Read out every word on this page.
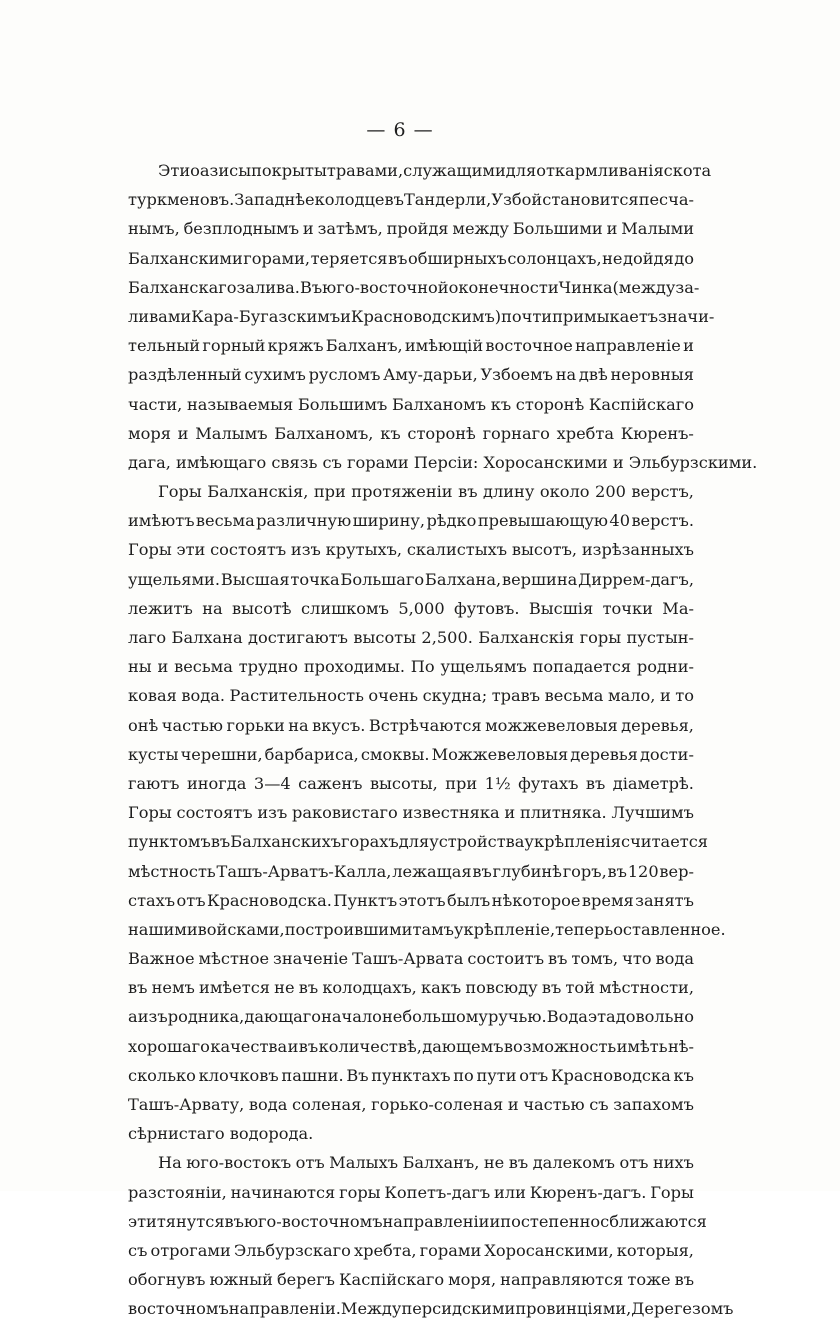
— 6 —
Эти оазисы покрыты травами, служащими для откармливанія скота
туркменовъ. Западнѣе колодцевъ Тандерли, Узбой становится песча-
нымъ, безплоднымъ и затѣмъ, пройдя между Большими и Малыми
Балханскими горами, теряется въ обширныхъ солонцахъ, не дойдя до
Балханскаго залива. Въ юго-восточной оконечности Чинка (между за-
ливами Кара-Бугазскимъ и Красноводскимъ) почти примыкаетъ значи-
тельный горный кряжъ Балханъ, имѣющій восточное направленіе и
раздѣленный сухимъ русломъ Аму-дарьи, Узбоемъ на двѣ неровныя
части, называемыя Большимъ Балханомъ къ сторонѣ Каспійскаго
моря и Малымъ Балханомъ, къ сторонѣ горнаго хребта Кюренъ-
дага, имѣющаго связь съ горами Персіи: Хоросанскими и Эльбурзскими.
Горы Балханскія, при протяженіи въ длину около 200 верстъ,
имѣютъ весьма различную ширину, рѣдко превышающую 40 верстъ.
Горы эти состоятъ изъ крутыхъ, скалистыхъ высотъ, изрѣзанныхъ
ущельями. Высшая точка Большаго Балхана, вершина Диррем-дагъ,
лежитъ на высотѣ слишкомъ 5,000 футовъ. Высшія точки Ма-
лаго Балхана достигаютъ высоты 2,500. Балханскія горы пустын-
ны и весьма трудно проходимы. По ущельямъ попадается родни-
ковая вода. Растительность очень скудна; травъ весьма мало, и то
онѣ частью горьки на вкусъ. Встрѣчаются можжевеловыя деревья,
кусты черешни, барбариса, смоквы. Можжевеловыя деревья дости-
гаютъ иногда 3—4 саженъ высоты, при 1½ футахъ въ діаметрѣ.
Горы состоятъ изъ раковистаго известняка и плитняка. Лучшимъ
пунктомъ въ Балханскихъ горахъ для устройства укрѣпленія считается
мѣстность Ташъ-Арватъ-Калла, лежащая въ глубинѣ горъ, въ 120 вер-
стахъ отъ Красноводска. Пунктъ этотъ былъ нѣкоторое время занятъ
нашими войсками, построившими тамъ укрѣпленіе, теперь оставленное.
Важное мѣстное значеніе Ташъ-Арвата состоитъ въ томъ, что вода
въ немъ имѣется не въ колодцахъ, какъ повсюду въ той мѣстности,
а изъ родника, дающаго начало небольшому ручью. Вода эта довольно
хорошаго качества и въ количествѣ, дающемъ возможность имѣть нѣ-
сколько клочковъ пашни. Въ пунктахъ по пути отъ Красноводска къ
Ташъ-Арвату, вода соленая, горько-соленая и частью съ запахомъ
сѣрнистаго водорода.
На юго-востокъ отъ Малыхъ Балханъ, не въ далекомъ отъ нихъ
разстояніи, начинаются горы Копетъ-дагъ или Кюренъ-дагъ. Горы
эти тянутся въ юго-восточномъ направленіи и постепенно сближаются
съ отрогами Эльбурзскаго хребта, горами Хоросанскими, которыя,
обогнувъ южный берегъ Каспійскаго моря, направляются тоже въ
восточномъ направленіи. Между персидскими провинціями, Дерегезомъ
